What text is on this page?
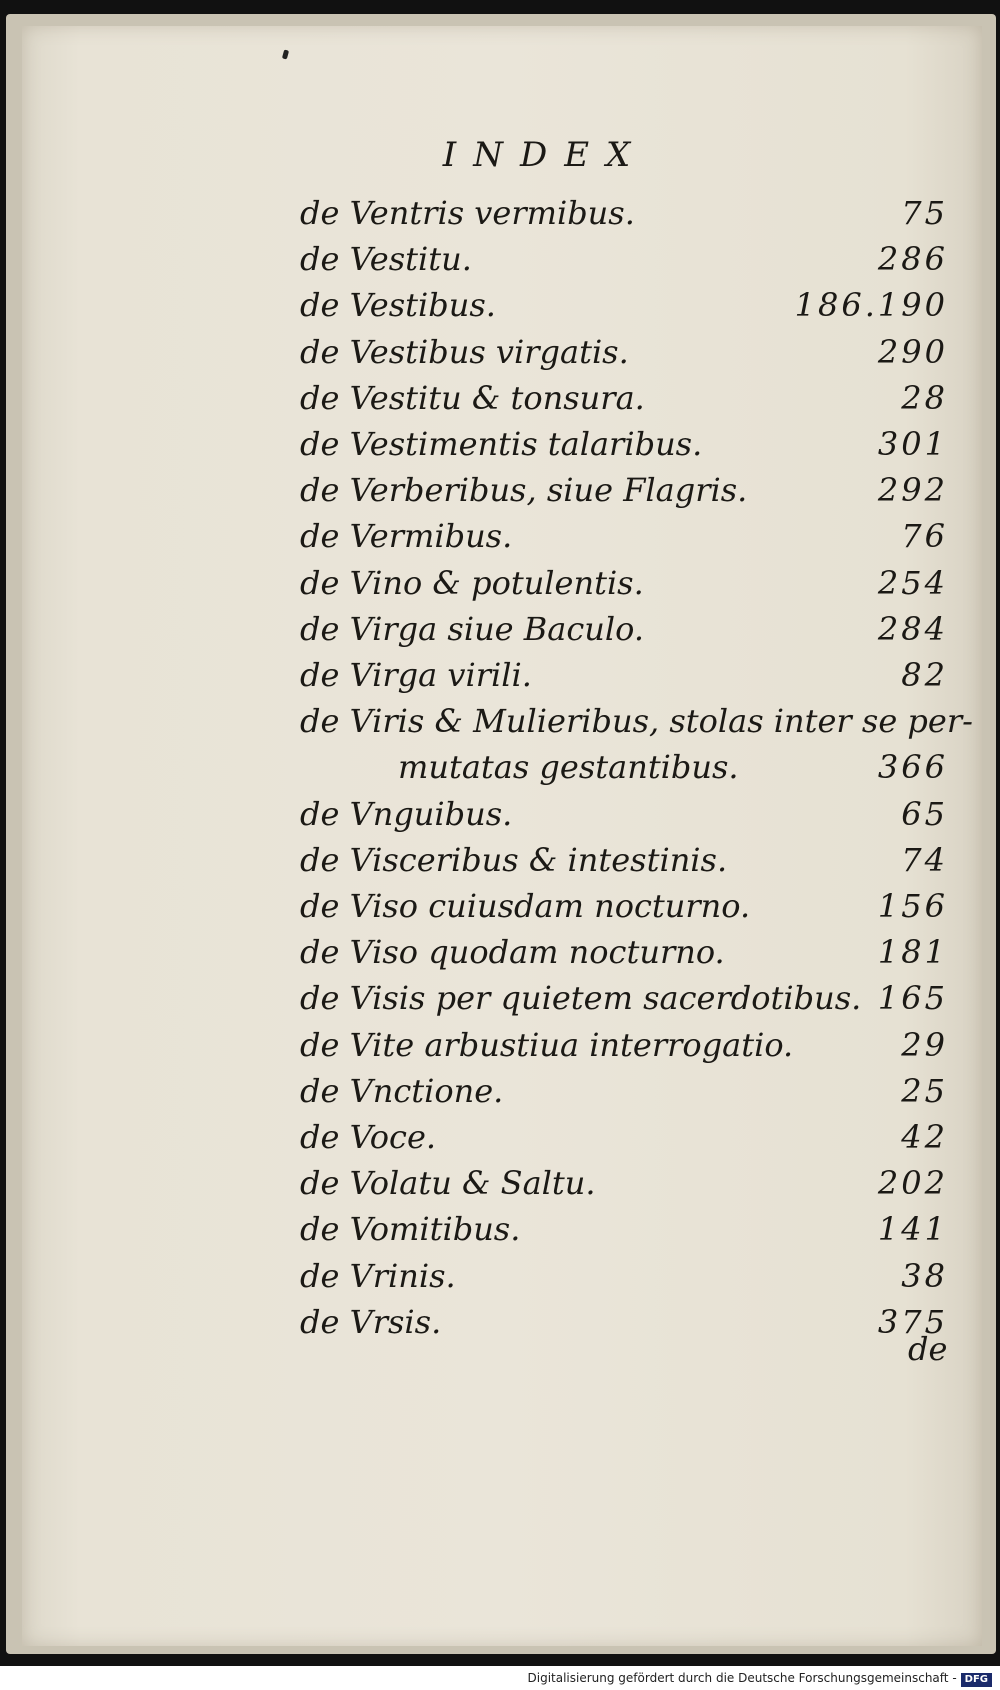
INDEX
de Ventris vermibus.	75
de Vestitu.	286
de Vestibus.	186.190
de Vestibus virgatis.	290
de Vestitu & tonsura.	28
de Vestimentis talaribus.	301
de Verberibus, siue Flagris.	292
de Vermibus.	76
de Vino & potulentis.	254
de Virga siue Baculo.	284
de Virga virili.	82
de Viris & Mulieribus, stolas inter se per-
mutatas gestantibus.	366
de Vnguibus.	65
de Visceribus & intestinis.	74
de Viso cuiusdam nocturno.	156
de Viso quodam nocturno.	181
de Visis per quietem sacerdotibus. 165
de Vite arbustiua interrogatio.	29
de Vnctione.	25
de Voce.	42
de Volatu & Saltu.	202
de Vomitibus.	141
de Vrinis.	38
de Vrsis.	375
de
Digitalisierung gefördert durch die Deutsche Forschungsgemeinschaft - DFG
